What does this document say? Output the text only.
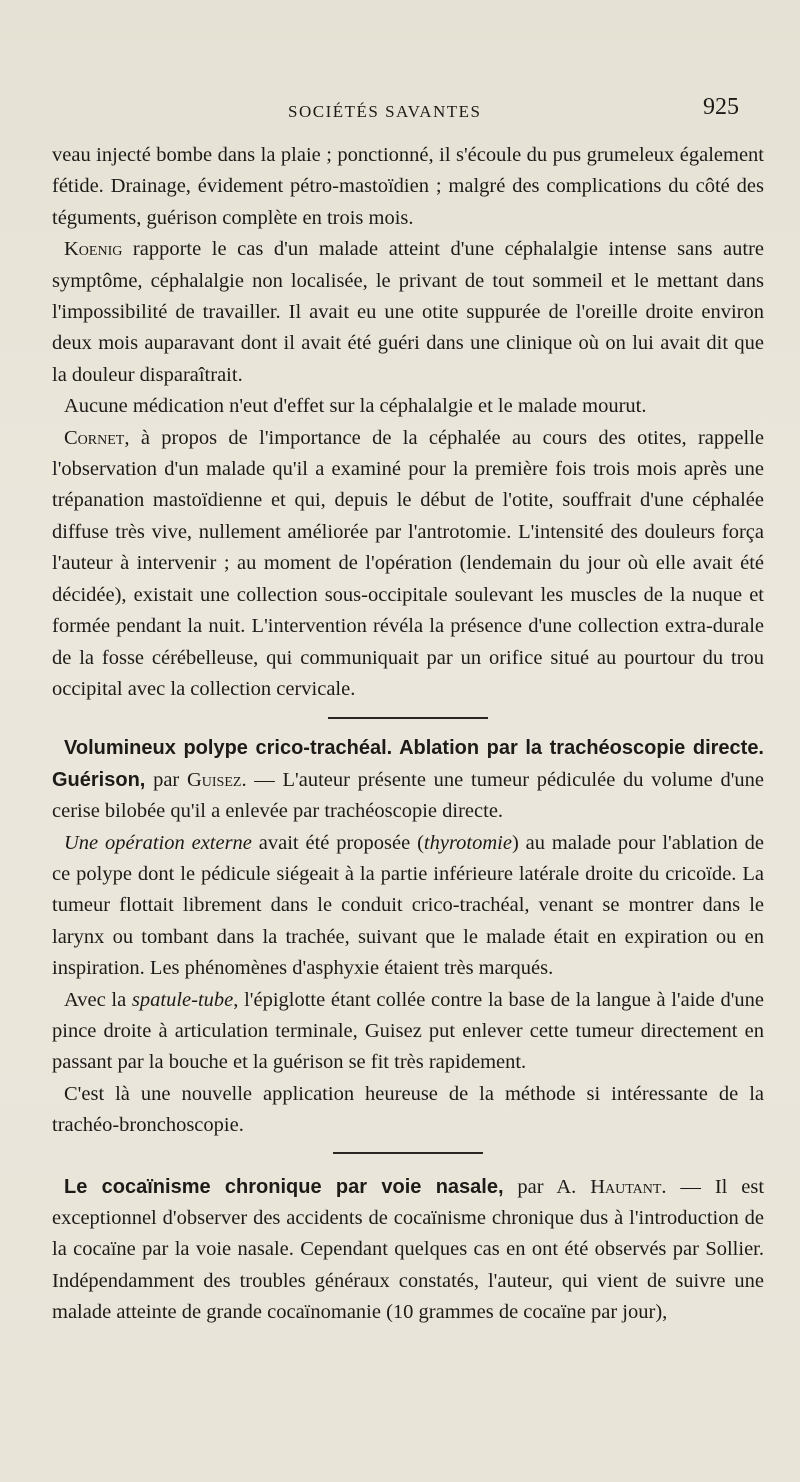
SOCIÉTÉS SAVANTES	925

veau injecté bombe dans la plaie ; ponctionné, il s'écoule du pus grumeleux également fétide. Drainage, évidement pétro-mastoïdien ; malgré des complications du côté des téguments, guérison complète en trois mois.

Koenig rapporte le cas d'un malade atteint d'une céphalalgie intense sans autre symptôme, céphalalgie non localisée, le privant de tout sommeil et le mettant dans l'impossibilité de travailler. Il avait eu une otite suppurée de l'oreille droite environ deux mois auparavant dont il avait été guéri dans une clinique où on lui avait dit que la douleur disparaîtrait.

Aucune médication n'eut d'effet sur la céphalalgie et le malade mourut.

Cornet, à propos de l'importance de la céphalée au cours des otites, rappelle l'observation d'un malade qu'il a examiné pour la première fois trois mois après une trépanation mastoïdienne et qui, depuis le début de l'otite, souffrait d'une céphalée diffuse très vive, nullement améliorée par l'antrotomie. L'intensité des douleurs força l'auteur à intervenir ; au moment de l'opération (lendemain du jour où elle avait été décidée), existait une collection sous-occipitale soulevant les muscles de la nuque et formée pendant la nuit. L'intervention révéla la présence d'une collection extra-durale de la fosse cérébelleuse, qui communiquait par un orifice situé au pourtour du trou occipital avec la collection cervicale.

Volumineux polype crico-trachéal. Ablation par la trachéoscopie directe. Guérison, par Guisez. — L'auteur présente une tumeur pédiculée du volume d'une cerise bilobée qu'il a enlevée par trachéoscopie directe.

Une opération externe avait été proposée (thyrotomie) au malade pour l'ablation de ce polype dont le pédicule siégeait à la partie inférieure latérale droite du cricoïde. La tumeur flottait librement dans le conduit crico-trachéal, venant se montrer dans le larynx ou tombant dans la trachée, suivant que le malade était en expiration ou en inspiration. Les phénomènes d'asphyxie étaient très marqués.

Avec la spatule-tube, l'épiglotte étant collée contre la base de la langue à l'aide d'une pince droite à articulation terminale, Guisez put enlever cette tumeur directement en passant par la bouche et la guérison se fit très rapidement.

C'est là une nouvelle application heureuse de la méthode si intéressante de la trachéo-bronchoscopie.

Le cocaïnisme chronique par voie nasale, par A. Hautant. — Il est exceptionnel d'observer des accidents de cocaïnisme chronique dus à l'introduction de la cocaïne par la voie nasale. Cependant quelques cas en ont été observés par Sollier. Indépendamment des troubles généraux constatés, l'auteur, qui vient de suivre une malade atteinte de grande cocaïnomanie (10 grammes de cocaïne par jour),
